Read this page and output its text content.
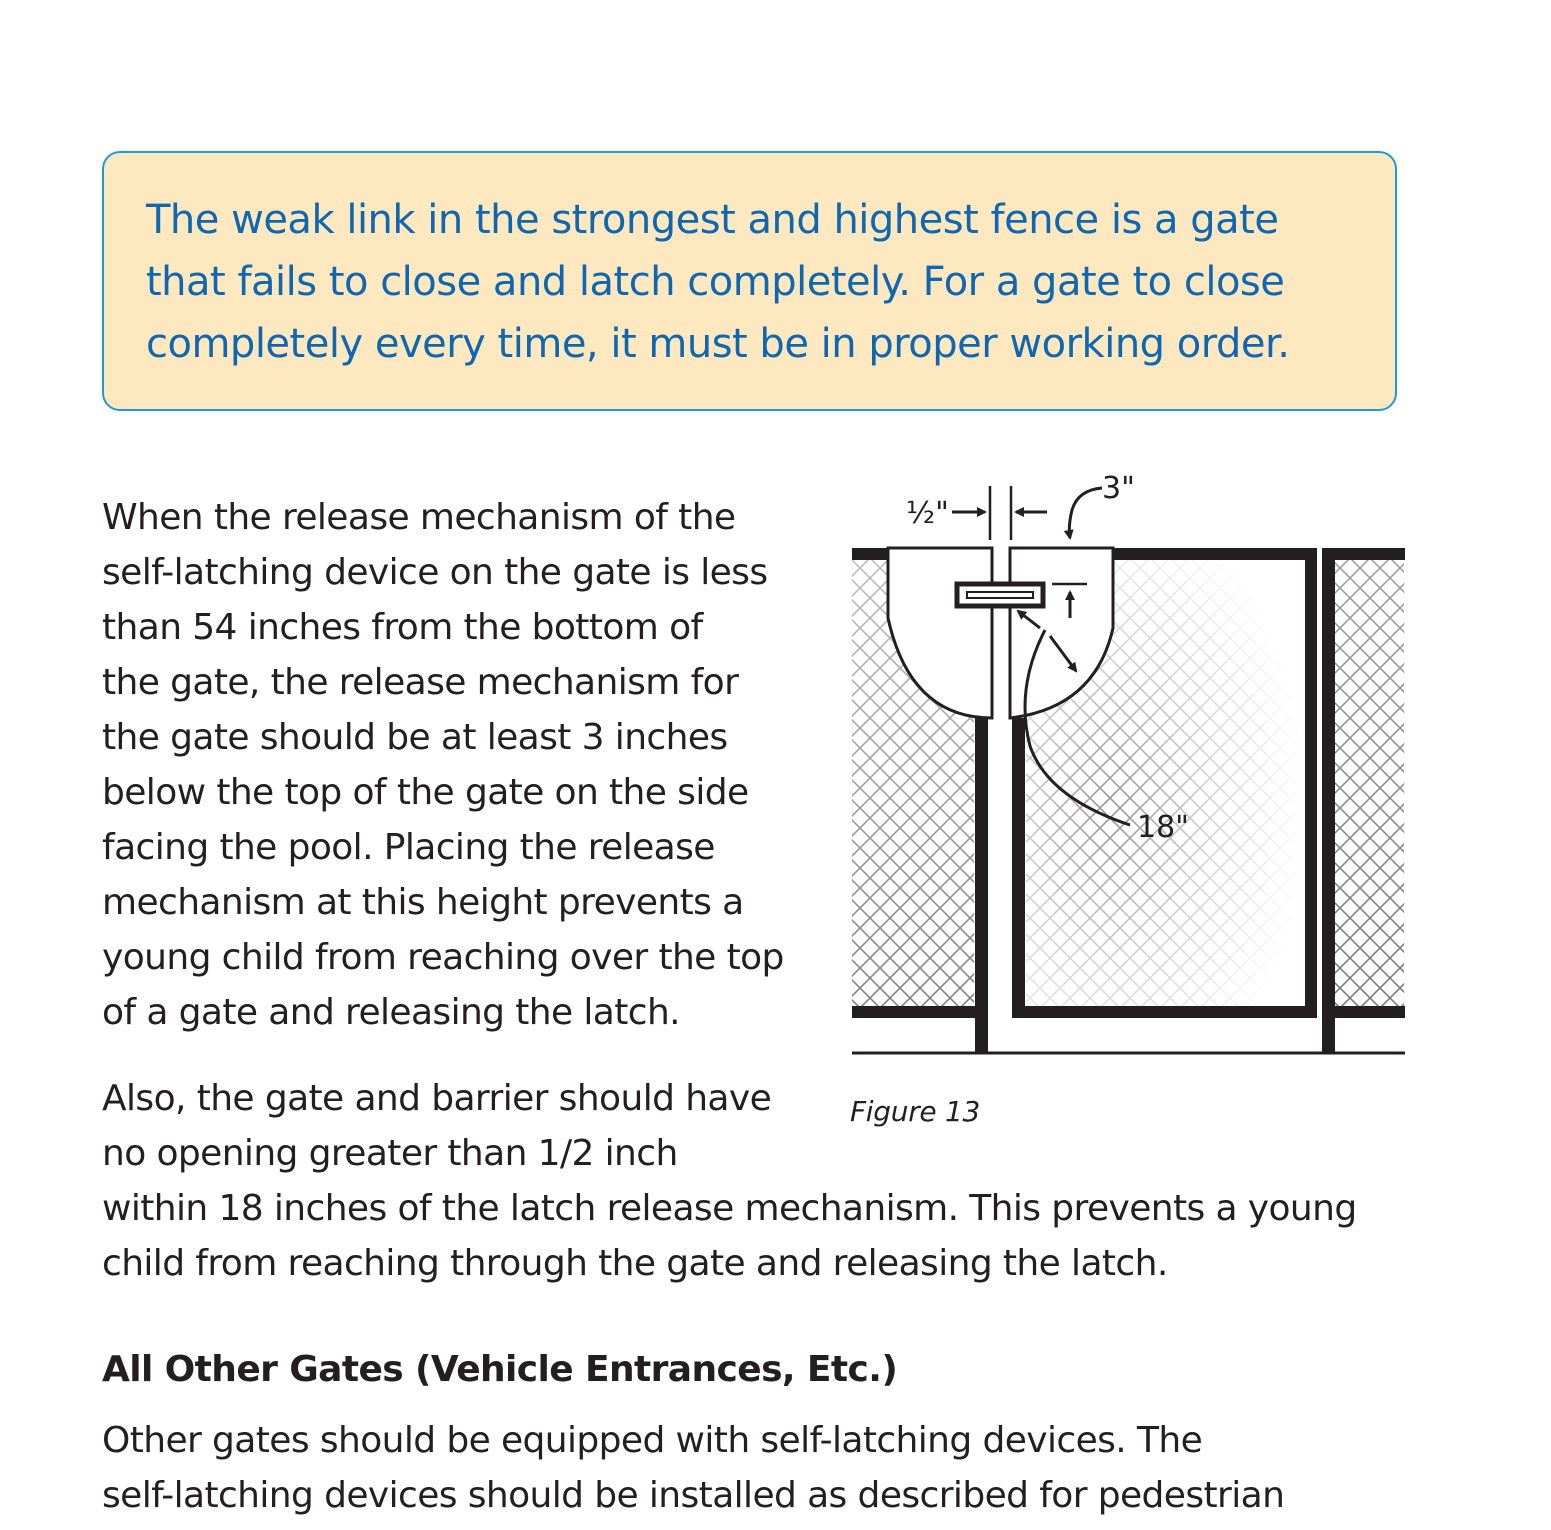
The weak link in the strongest and highest fence is a gate
that fails to close and latch completely. For a gate to close
completely every time, it must be in proper working order.

When the release mechanism of the
self-latching device on the gate is less
than 54 inches from the bottom of
the gate, the release mechanism for
the gate should be at least 3 inches
below the top of the gate on the side
facing the pool. Placing the release
mechanism at this height prevents a
young child from reaching over the top
of a gate and releasing the latch.

Also, the gate and barrier should have
no opening greater than 1/2 inch

within 18 inches of the latch release mechanism. This prevents a young
child from reaching through the gate and releasing the latch.

½"
3"
18"

Figure 13

All Other Gates (Vehicle Entrances, Etc.)

Other gates should be equipped with self-latching devices. The
self-latching devices should be installed as described for pedestrian
